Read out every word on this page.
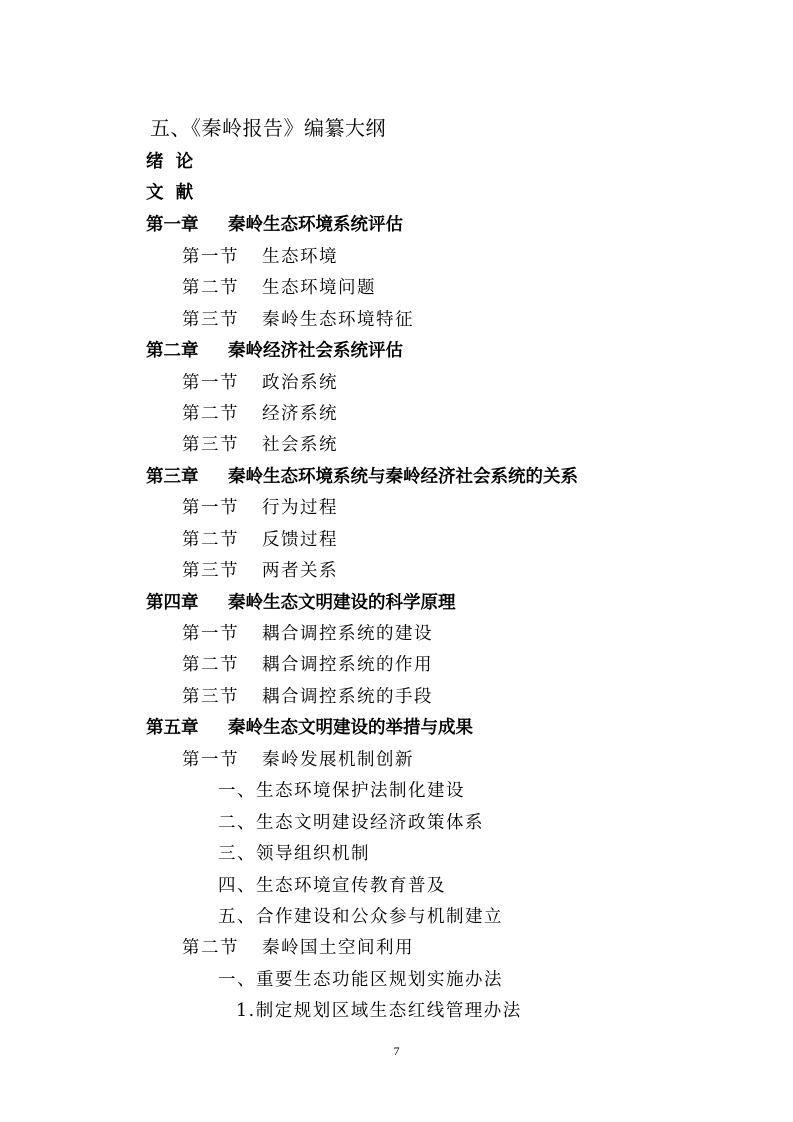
五、《秦岭报告》编纂大纲
绪  论
文  献
第一章 秦岭生态环境系统评估
第一节 生态环境
第二节 生态环境问题
第三节 秦岭生态环境特征
第二章 秦岭经济社会系统评估
第一节 政治系统
第二节 经济系统
第三节 社会系统
第三章 秦岭生态环境系统与秦岭经济社会系统的关系
第一节 行为过程
第二节 反馈过程
第三节 两者关系
第四章 秦岭生态文明建设的科学原理
第一节 耦合调控系统的建设
第二节 耦合调控系统的作用
第三节 耦合调控系统的手段
第五章 秦岭生态文明建设的举措与成果
第一节 秦岭发展机制创新
一、生态环境保护法制化建设
二、生态文明建设经济政策体系
三、领导组织机制
四、生态环境宣传教育普及
五、合作建设和公众参与机制建立
第二节 秦岭国土空间利用
一、重要生态功能区规划实施办法
1.制定规划区域生态红线管理办法
7
